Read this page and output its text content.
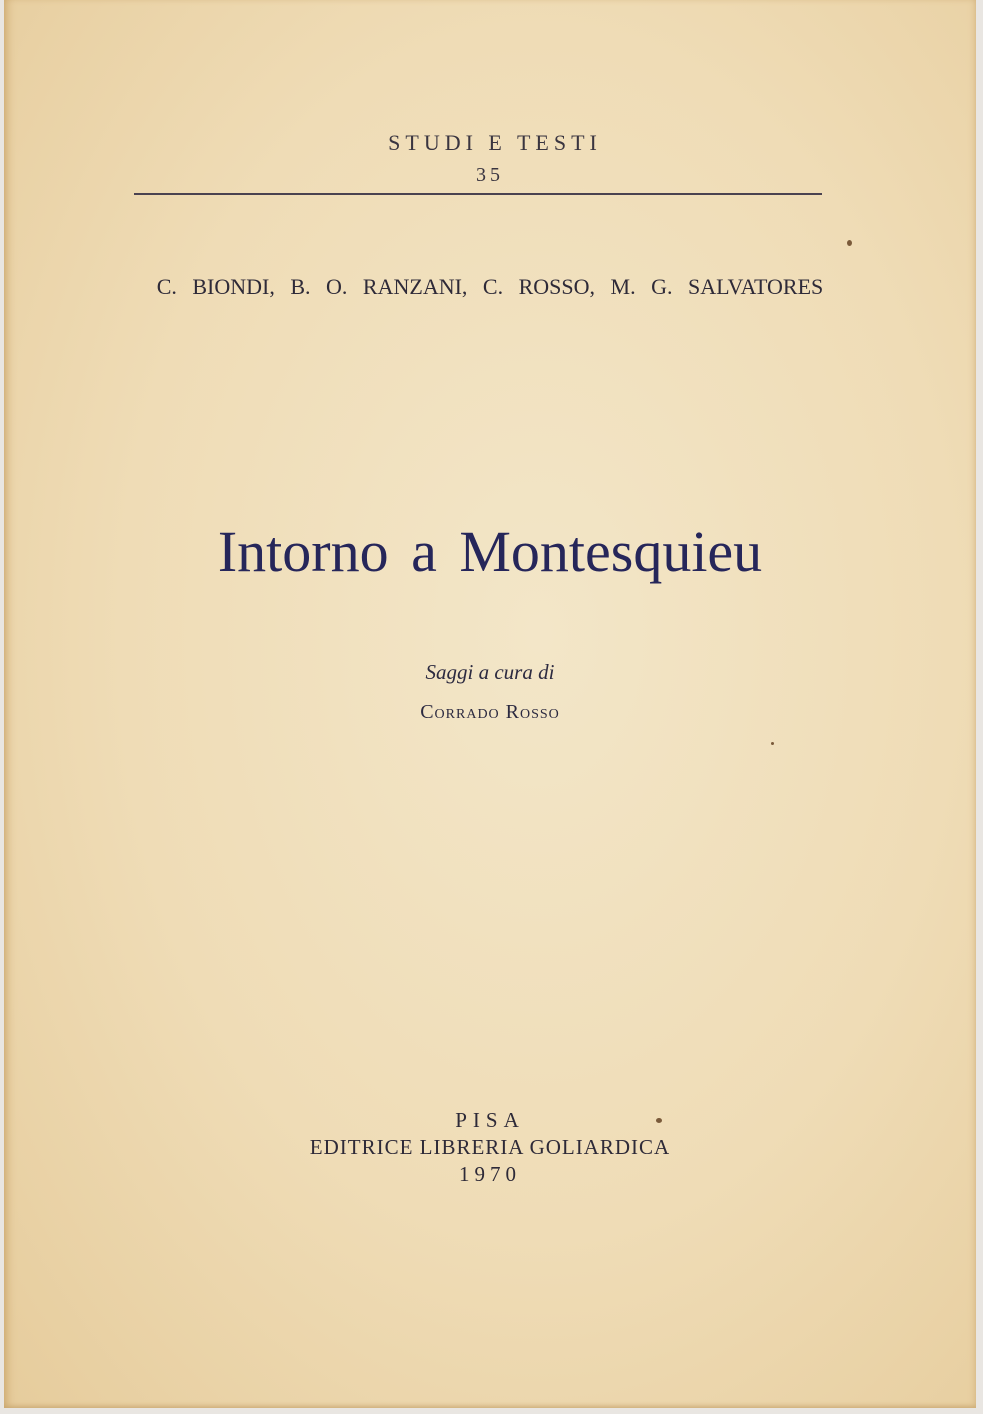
STUDI E TESTI
35
C. BIONDI, B. O. RANZANI, C. ROSSO, M. G. SALVATORES
Intorno a Montesquieu
Saggi a cura di
Corrado Rosso
PISA
EDITRICE LIBRERIA GOLIARDICA
1970
